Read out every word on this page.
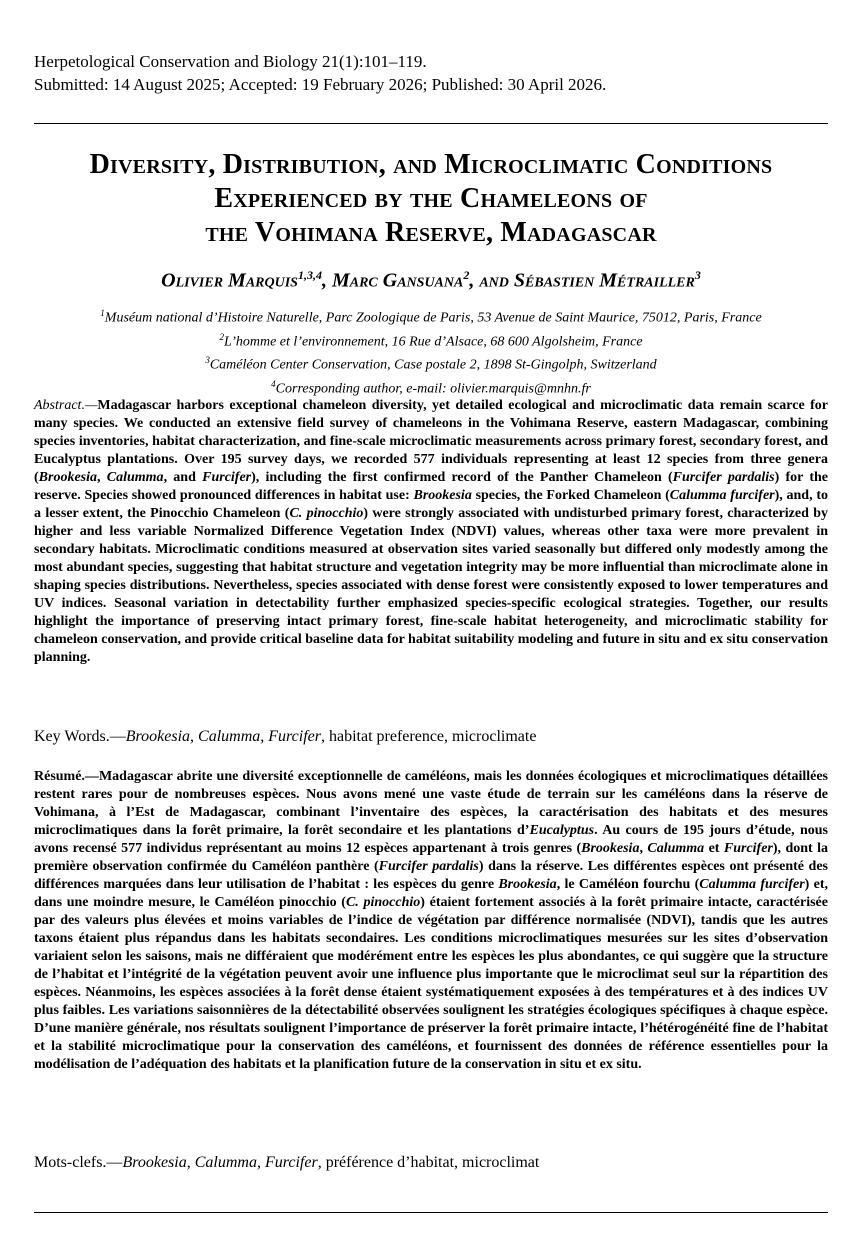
Herpetological Conservation and Biology 21(1):101–119.
Submitted: 14 August 2025; Accepted: 19 February 2026; Published: 30 April 2026.
Diversity, Distribution, and Microclimatic Conditions
Experienced by the Chameleons of
the Vohimana Reserve, Madagascar
Olivier Marquis$^{1,3,4}$, Marc Gansuana$^2$, and Sébastien Métrailler$^3$
$^1$Muséum national d’Histoire Naturelle, Parc Zoologique de Paris, 53 Avenue de Saint Maurice, 75012, Paris, France
$^2$L’homme et l’environnement, 16 Rue d’Alsace, 68 600 Algolsheim, France
$^3$Caméléon Center Conservation, Case postale 2, 1898 St-Gingolph, Switzerland
$^4$Corresponding author, e-mail: olivier.marquis@mnhn.fr
Abstract.—Madagascar harbors exceptional chameleon diversity, yet detailed ecological and microclimatic data remain scarce for many species. We conducted an extensive field survey of chameleons in the Vohimana Reserve, eastern Madagascar, combining species inventories, habitat characterization, and fine-scale microclimatic measurements across primary forest, secondary forest, and Eucalyptus plantations. Over 195 survey days, we recorded 577 individuals representing at least 12 species from three genera (Brookesia, Calumma, and Furcifer), including the first confirmed record of the Panther Chameleon (Furcifer pardalis) for the reserve. Species showed pronounced differences in habitat use: Brookesia species, the Forked Chameleon (Calumma furcifer), and, to a lesser extent, the Pinocchio Chameleon (C. pinocchio) were strongly associated with undisturbed primary forest, characterized by higher and less variable Normalized Difference Vegetation Index (NDVI) values, whereas other taxa were more prevalent in secondary habitats. Microclimatic conditions measured at observation sites varied seasonally but differed only modestly among the most abundant species, suggesting that habitat structure and vegetation integrity may be more influential than microclimate alone in shaping species distributions. Nevertheless, species associated with dense forest were consistently exposed to lower temperatures and UV indices. Seasonal variation in detectability further emphasized species-specific ecological strategies. Together, our results highlight the importance of preserving intact primary forest, fine-scale habitat heterogeneity, and microclimatic stability for chameleon conservation, and provide critical baseline data for habitat suitability modeling and future in situ and ex situ conservation planning.
Key Words.—Brookesia, Calumma, Furcifer, habitat preference, microclimate
Résumé.—Madagascar abrite une diversité exceptionnelle de caméléons, mais les données écologiques et microclimatiques détaillées restent rares pour de nombreuses espèces. Nous avons mené une vaste étude de terrain sur les caméléons dans la réserve de Vohimana, à l’Est de Madagascar, combinant l’inventaire des espèces, la caractérisation des habitats et des mesures microclimatiques dans la forêt primaire, la forêt secondaire et les plantations d’Eucalyptus. Au cours de 195 jours d’étude, nous avons recensé 577 individus représentant au moins 12 espèces appartenant à trois genres (Brookesia, Calumma et Furcifer), dont la première observation confirmée du Caméléon panthère (Furcifer pardalis) dans la réserve. Les différentes espèces ont présenté des différences marquées dans leur utilisation de l’habitat : les espèces du genre Brookesia, le Caméléon fourchu (Calumma furcifer) et, dans une moindre mesure, le Caméléon pinocchio (C. pinocchio) étaient fortement associés à la forêt primaire intacte, caractérisée par des valeurs plus élevées et moins variables de l’indice de végétation par différence normalisée (NDVI), tandis que les autres taxons étaient plus répandus dans les habitats secondaires. Les conditions microclimatiques mesurées sur les sites d’observation variaient selon les saisons, mais ne différaient que modérément entre les espèces les plus abondantes, ce qui suggère que la structure de l’habitat et l’intégrité de la végétation peuvent avoir une influence plus importante que le microclimat seul sur la répartition des espèces. Néanmoins, les espèces associées à la forêt dense étaient systématiquement exposées à des températures et à des indices UV plus faibles. Les variations saisonnières de la détectabilité observées soulignent les stratégies écologiques spécifiques à chaque espèce. D’une manière générale, nos résultats soulignent l’importance de préserver la forêt primaire intacte, l’hétérogénéité fine de l’habitat et la stabilité microclimatique pour la conservation des caméléons, et fournissent des données de référence essentielles pour la modélisation de l’adéquation des habitats et la planification future de la conservation in situ et ex situ.
Mots-clefs.—Brookesia, Calumma, Furcifer, préférence d’habitat, microclimat
